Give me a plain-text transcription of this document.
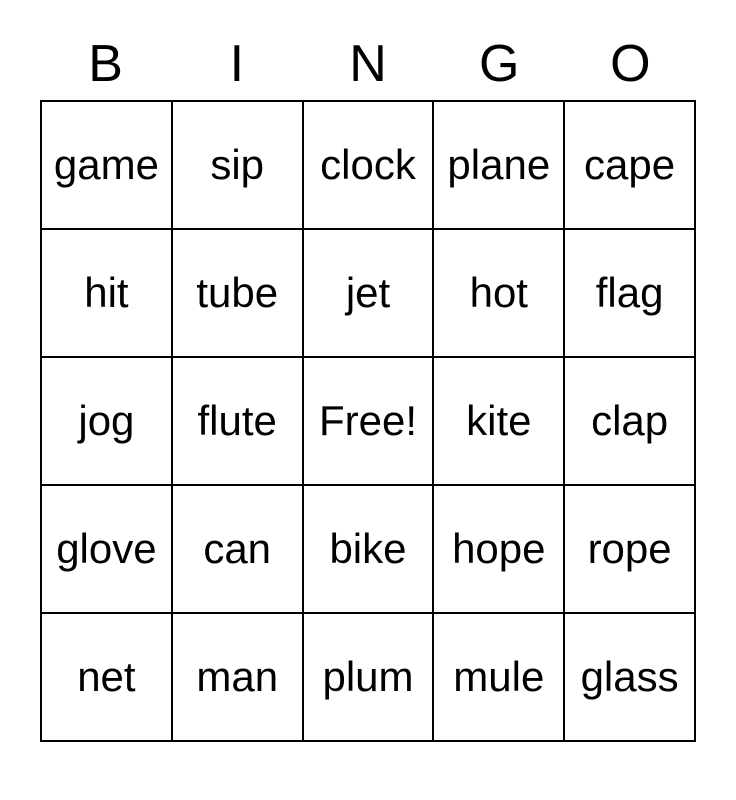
B I N G O
game sip clock plane cape
hit tube jet hot flag
jog flute Free! kite clap
glove can bike hope rope
net man plum mule glass
